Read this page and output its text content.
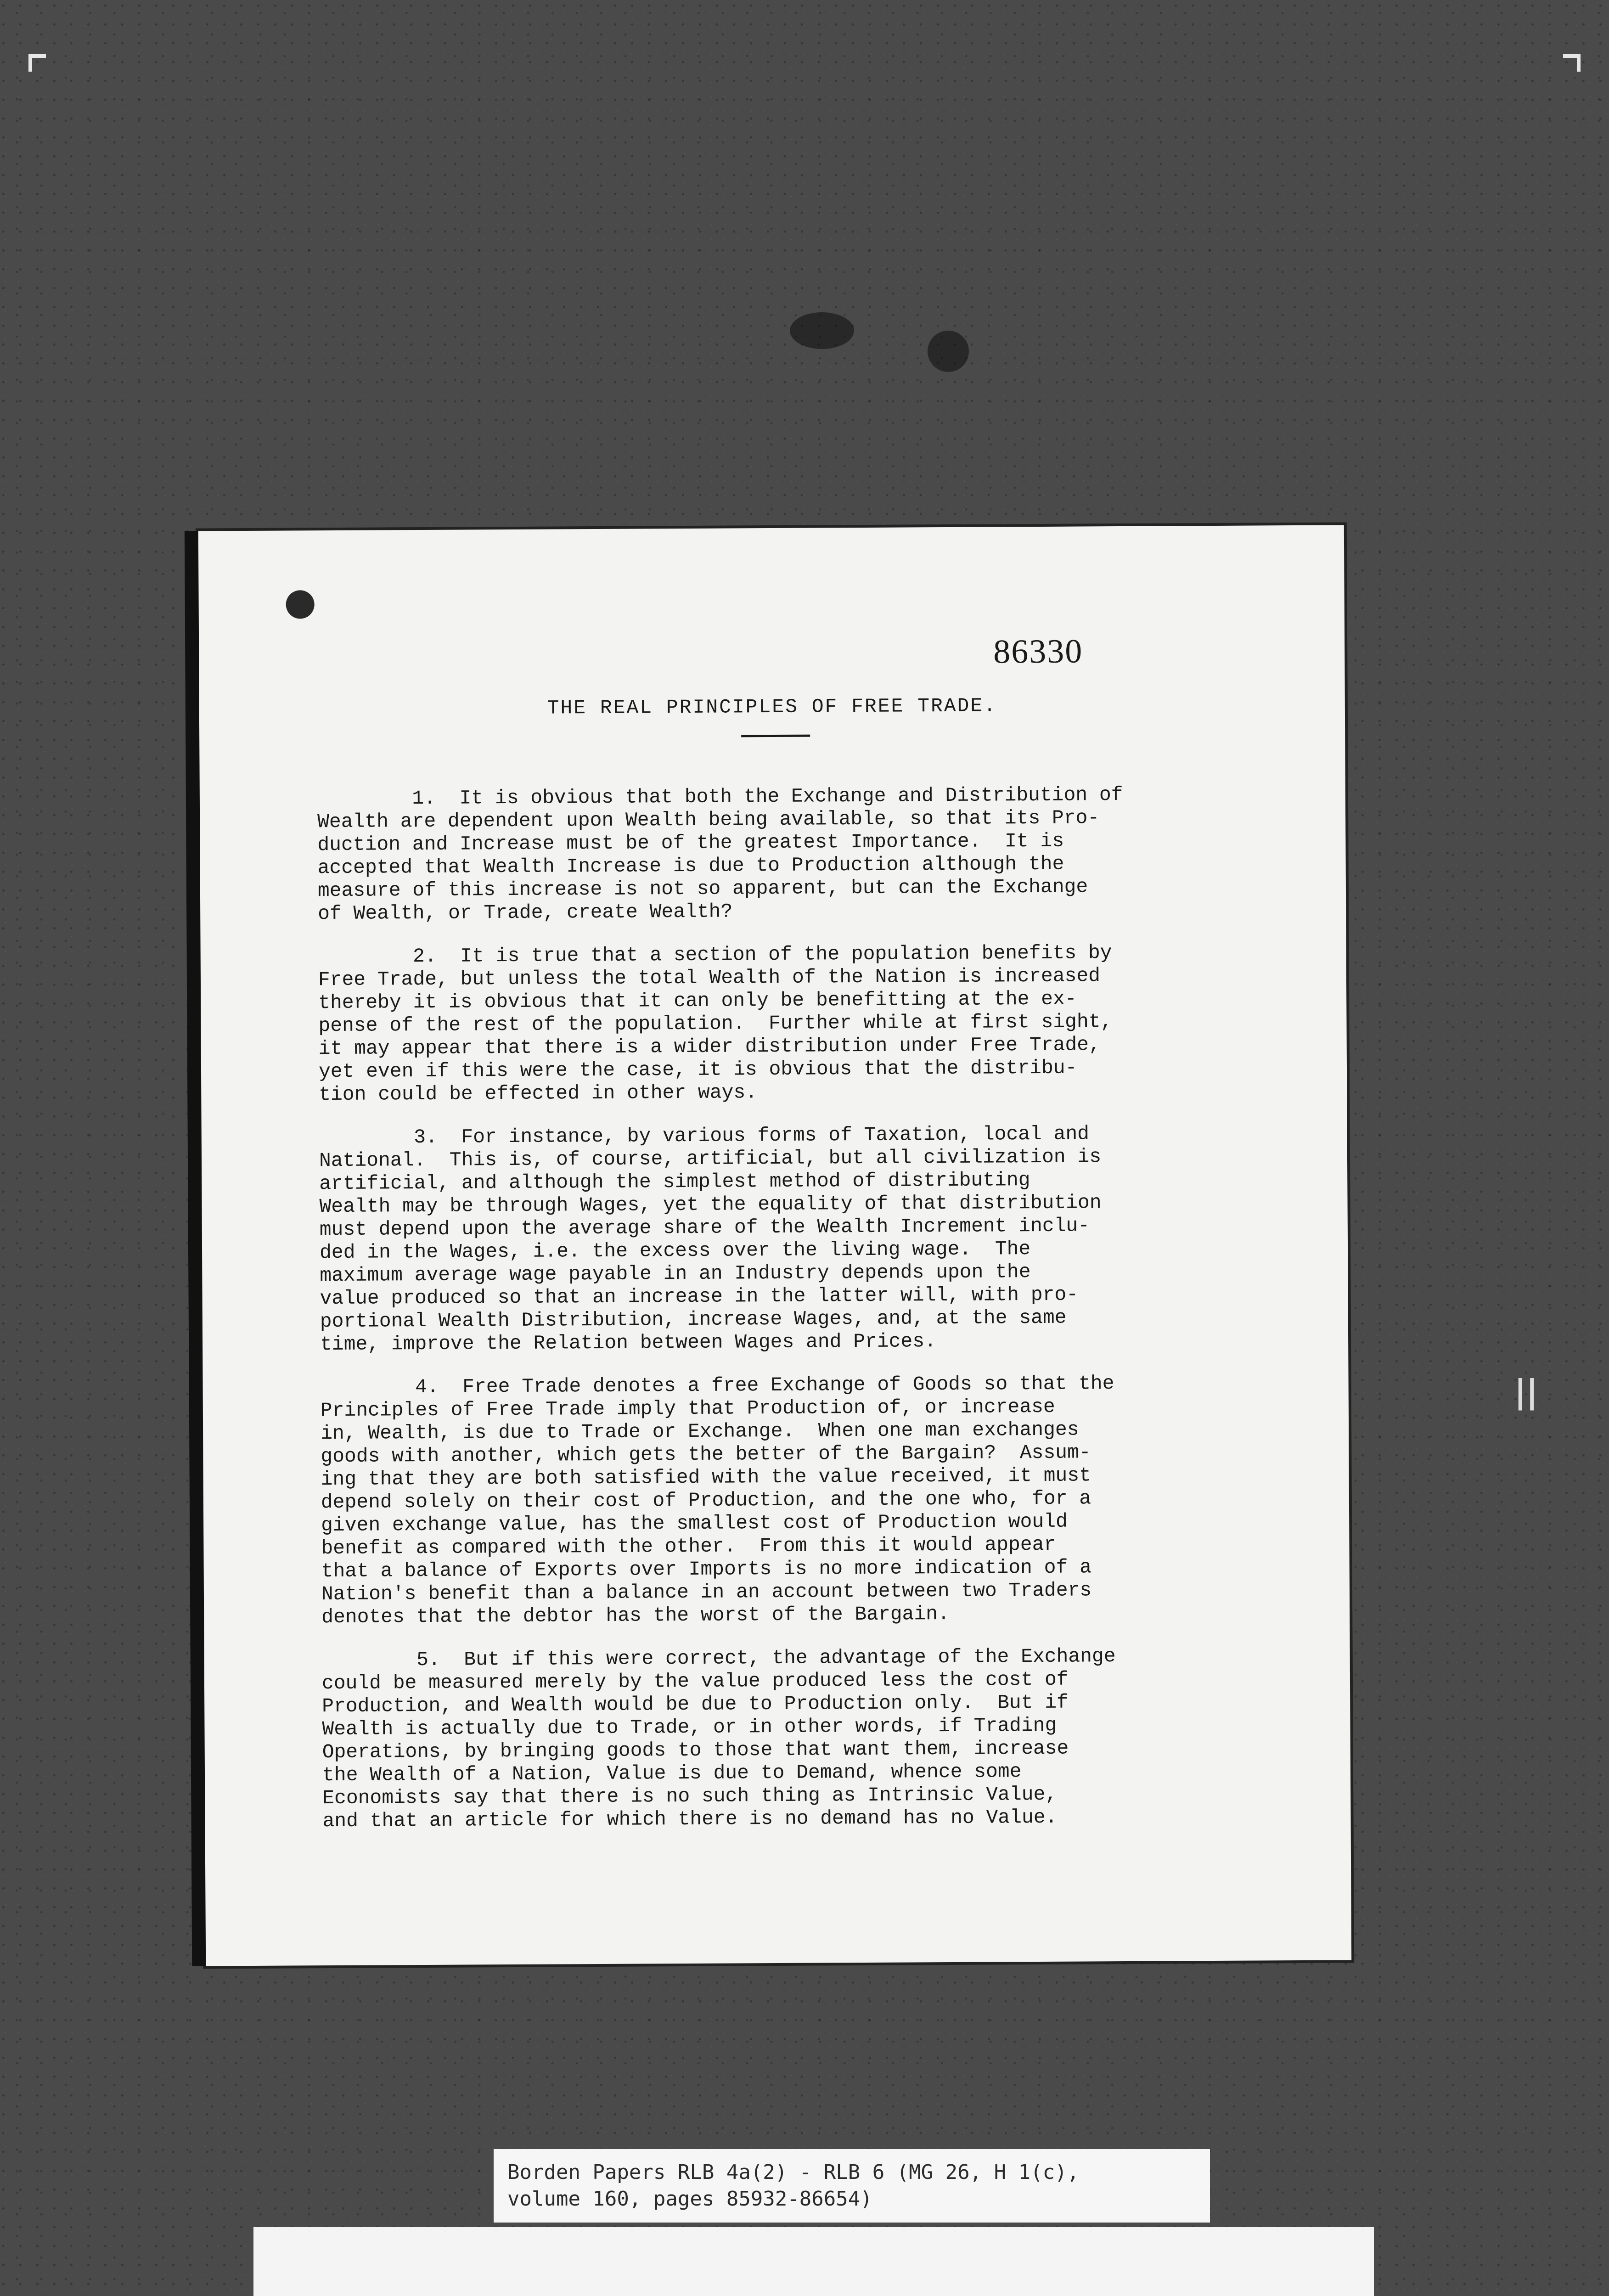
86330
THE REAL PRINCIPLES OF FREE TRADE.

1.  It is obvious that both the Exchange and Distribution of
Wealth are dependent upon Wealth being available, so that its Pro-
duction and Increase must be of the greatest Importance.  It is
accepted that Wealth Increase is due to Production although the
measure of this increase is not so apparent, but can the Exchange
of Wealth, or Trade, create Wealth?

2.  It is true that a section of the population benefits by
Free Trade, but unless the total Wealth of the Nation is increased
thereby it is obvious that it can only be benefitting at the ex-
pense of the rest of the population.  Further while at first sight,
it may appear that there is a wider distribution under Free Trade,
yet even if this were the case, it is obvious that the distribu-
tion could be effected in other ways.

3.  For instance, by various forms of Taxation, local and
National.  This is, of course, artificial, but all civilization is
artificial, and although the simplest method of distributing
Wealth may be through Wages, yet the equality of that distribution
must depend upon the average share of the Wealth Increment inclu-
ded in the Wages, i.e. the excess over the living wage.  The
maximum average wage payable in an Industry depends upon the
value produced so that an increase in the latter will, with pro-
portional Wealth Distribution, increase Wages, and, at the same
time, improve the Relation between Wages and Prices.

4.  Free Trade denotes a free Exchange of Goods so that the
Principles of Free Trade imply that Production of, or increase
in, Wealth, is due to Trade or Exchange.  When one man exchanges
goods with another, which gets the better of the Bargain?  Assum-
ing that they are both satisfied with the value received, it must
depend solely on their cost of Production, and the one who, for a
given exchange value, has the smallest cost of Production would
benefit as compared with the other.  From this it would appear
that a balance of Exports over Imports is no more indication of a
Nation's benefit than a balance in an account between two Traders
denotes that the debtor has the worst of the Bargain.

5.  But if this were correct, the advantage of the Exchange
could be measured merely by the value produced less the cost of
Production, and Wealth would be due to Production only.  But if
Wealth is actually due to Trade, or in other words, if Trading
Operations, by bringing goods to those that want them, increase
the Wealth of a Nation, Value is due to Demand, whence some
Economists say that there is no such thing as Intrinsic Value,
and that an article for which there is no demand has no Value.

||
Borden Papers RLB 4a(2) - RLB 6 (MG 26, H 1(c),
volume 160, pages 85932-86654)
